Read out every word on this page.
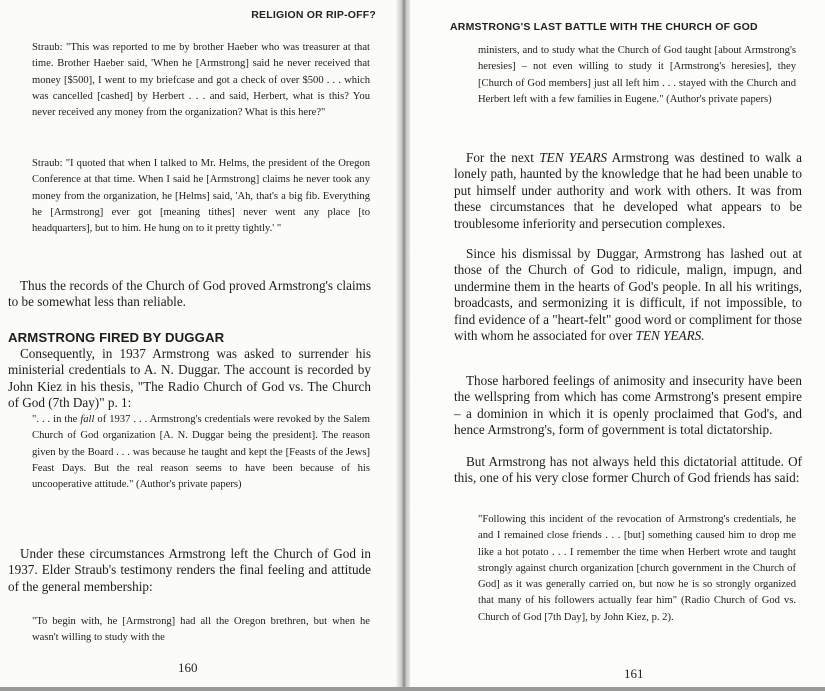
RELIGION OR RIP-OFF?

Straub: "This was reported to me by brother Haeber who was treasurer at that time. Brother Haeber said, 'When he [Armstrong] said he never received that money [$500], I went to my briefcase and got a check of over $500 . . . which was cancelled [cashed] by Herbert . . . and said, Herbert, what is this? You never received any money from the organization? What is this here?"

Straub: "I quoted that when I talked to Mr. Helms, the president of the Oregon Conference at that time. When I said he [Armstrong] claims he never took any money from the organization, he [Helms] said, 'Ah, that's a big fib. Everything he [Armstrong] ever got [meaning tithes] never went any place [to headquarters], but to him. He hung on to it pretty tightly.' "

Thus the records of the Church of God proved Armstrong's claims to be somewhat less than reliable.

ARMSTRONG FIRED BY DUGGAR

Consequently, in 1937 Armstrong was asked to surrender his ministerial credentials to A. N. Duggar. The account is recorded by John Kiez in his thesis, "The Radio Church of God vs. The Church of God (7th Day)" p. 1:

". . . in the fall of 1937 . . . Armstrong's credentials were revoked by the Salem Church of God organization [A. N. Duggar being the president]. The reason given by the Board . . . was because he taught and kept the [Feasts of the Jews] Feast Days. But the real reason seems to have been because of his uncooperative attitude." (Author's private papers)

Under these circumstances Armstrong left the Church of God in 1937. Elder Straub's testimony renders the final feeling and attitude of the general membership:

"To begin with, he [Armstrong] had all the Oregon brethren, but when he wasn't willing to study with the

160
ARMSTRONG'S LAST BATTLE WITH THE CHURCH OF GOD

ministers, and to study what the Church of God taught [about Armstrong's heresies] – not even willing to study it [Armstrong's heresies], they [Church of God members] just all left him . . . stayed with the Church and Herbert left with a few families in Eugene." (Author's private papers)

For the next TEN YEARS Armstrong was destined to walk a lonely path, haunted by the knowledge that he had been unable to put himself under authority and work with others. It was from these circumstances that he developed what appears to be troublesome inferiority and persecution complexes.

Since his dismissal by Duggar, Armstrong has lashed out at those of the Church of God to ridicule, malign, impugn, and undermine them in the hearts of God's people. In all his writings, broadcasts, and sermonizing it is difficult, if not impossible, to find evidence of a "heart-felt" good word or compliment for those with whom he associated for over TEN YEARS.

Those harbored feelings of animosity and insecurity have been the wellspring from which has come Armstrong's present empire – a dominion in which it is openly proclaimed that God's, and hence Armstrong's, form of government is total dictatorship.

But Armstrong has not always held this dictatorial attitude. Of this, one of his very close former Church of God friends has said:

"Following this incident of the revocation of Armstrong's credentials, he and I remained close friends . . . [but] something caused him to drop me like a hot potato . . . I remember the time when Herbert wrote and taught strongly against church organization [church government in the Church of God] as it was generally carried on, but now he is so strongly organized that many of his followers actually fear him" (Radio Church of God vs. Church of God [7th Day], by John Kiez, p. 2).

161
